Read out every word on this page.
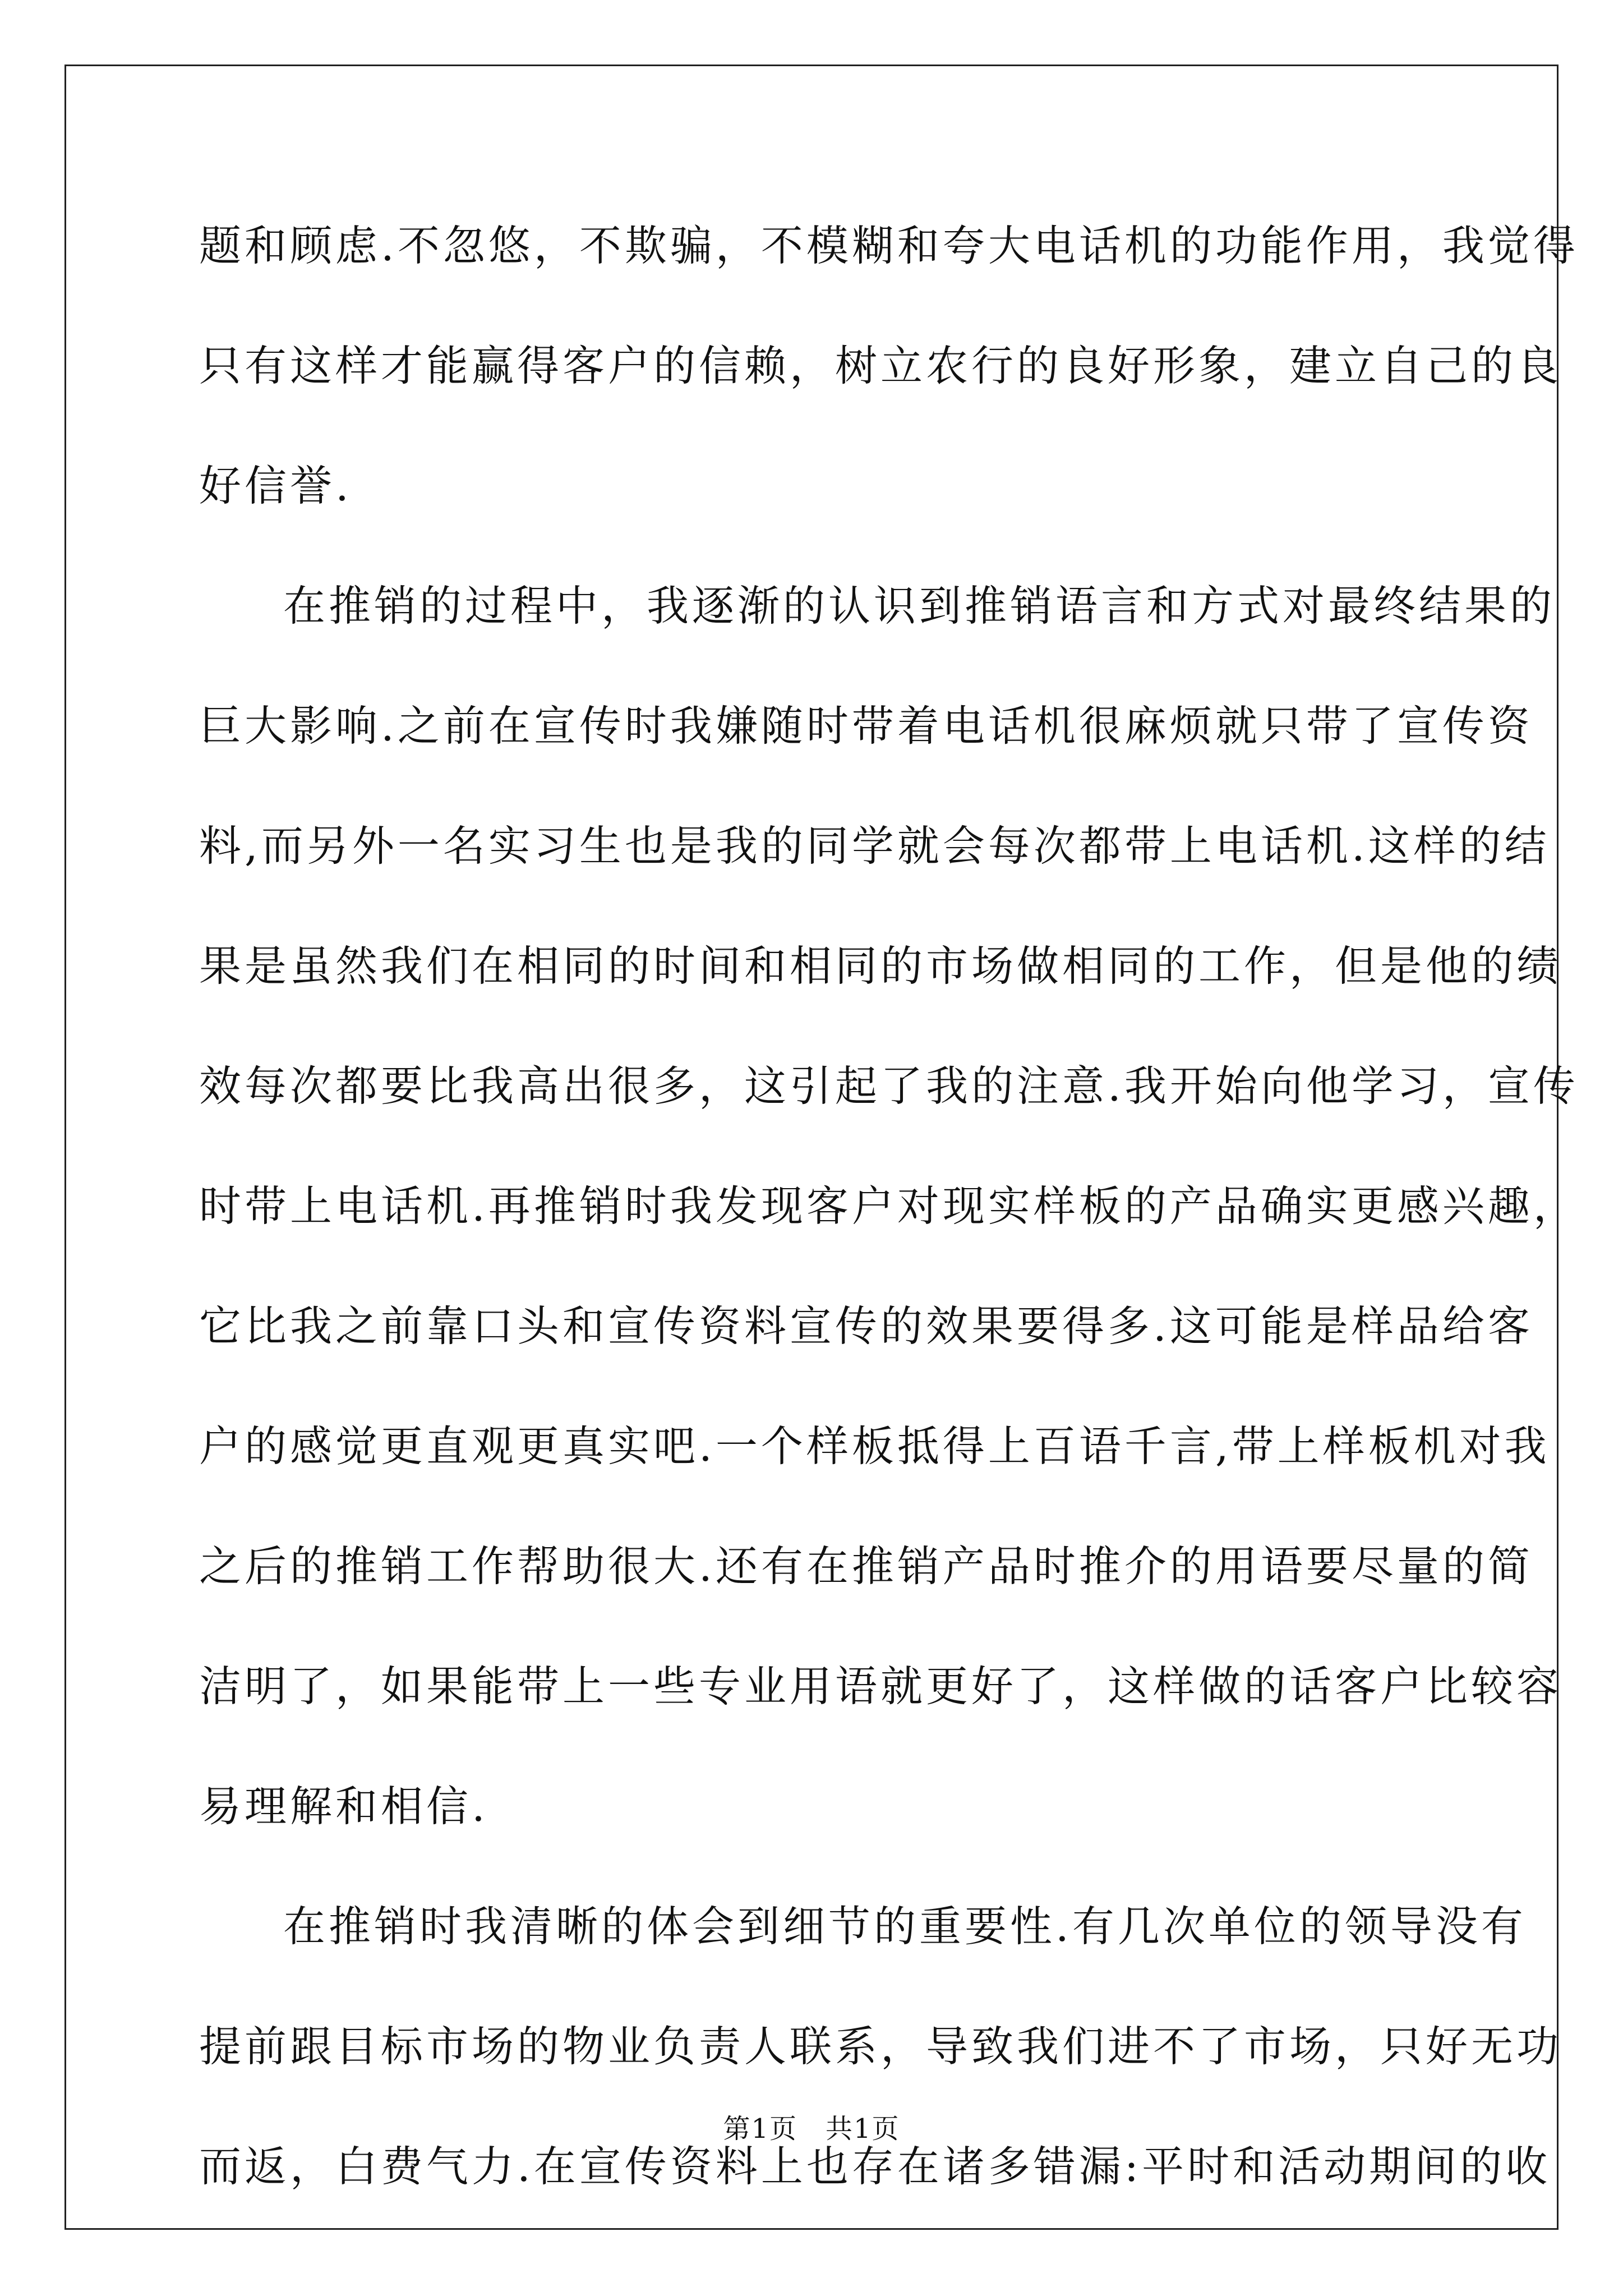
题和顾虑.不忽悠，不欺骗，不模糊和夸大电话机的功能作用，我觉得
只有这样才能赢得客户的信赖，树立农行的良好形象，建立自己的良
好信誉.
在推销的过程中，我逐渐的认识到推销语言和方式对最终结果的
巨大影响.之前在宣传时我嫌随时带着电话机很麻烦就只带了宣传资
料,而另外一名实习生也是我的同学就会每次都带上电话机.这样的结
果是虽然我们在相同的时间和相同的市场做相同的工作，但是他的绩
效每次都要比我高出很多，这引起了我的注意.我开始向他学习，宣传
时带上电话机.再推销时我发现客户对现实样板的产品确实更感兴趣，
它比我之前靠口头和宣传资料宣传的效果要得多.这可能是样品给客
户的感觉更直观更真实吧.一个样板抵得上百语千言,带上样板机对我
之后的推销工作帮助很大.还有在推销产品时推介的用语要尽量的简
洁明了，如果能带上一些专业用语就更好了，这样做的话客户比较容
易理解和相信.
在推销时我清晰的体会到细节的重要性.有几次单位的领导没有
提前跟目标市场的物业负责人联系，导致我们进不了市场，只好无功
而返，白费气力.在宣传资料上也存在诸多错漏:平时和活动期间的收
第1页　共1页
